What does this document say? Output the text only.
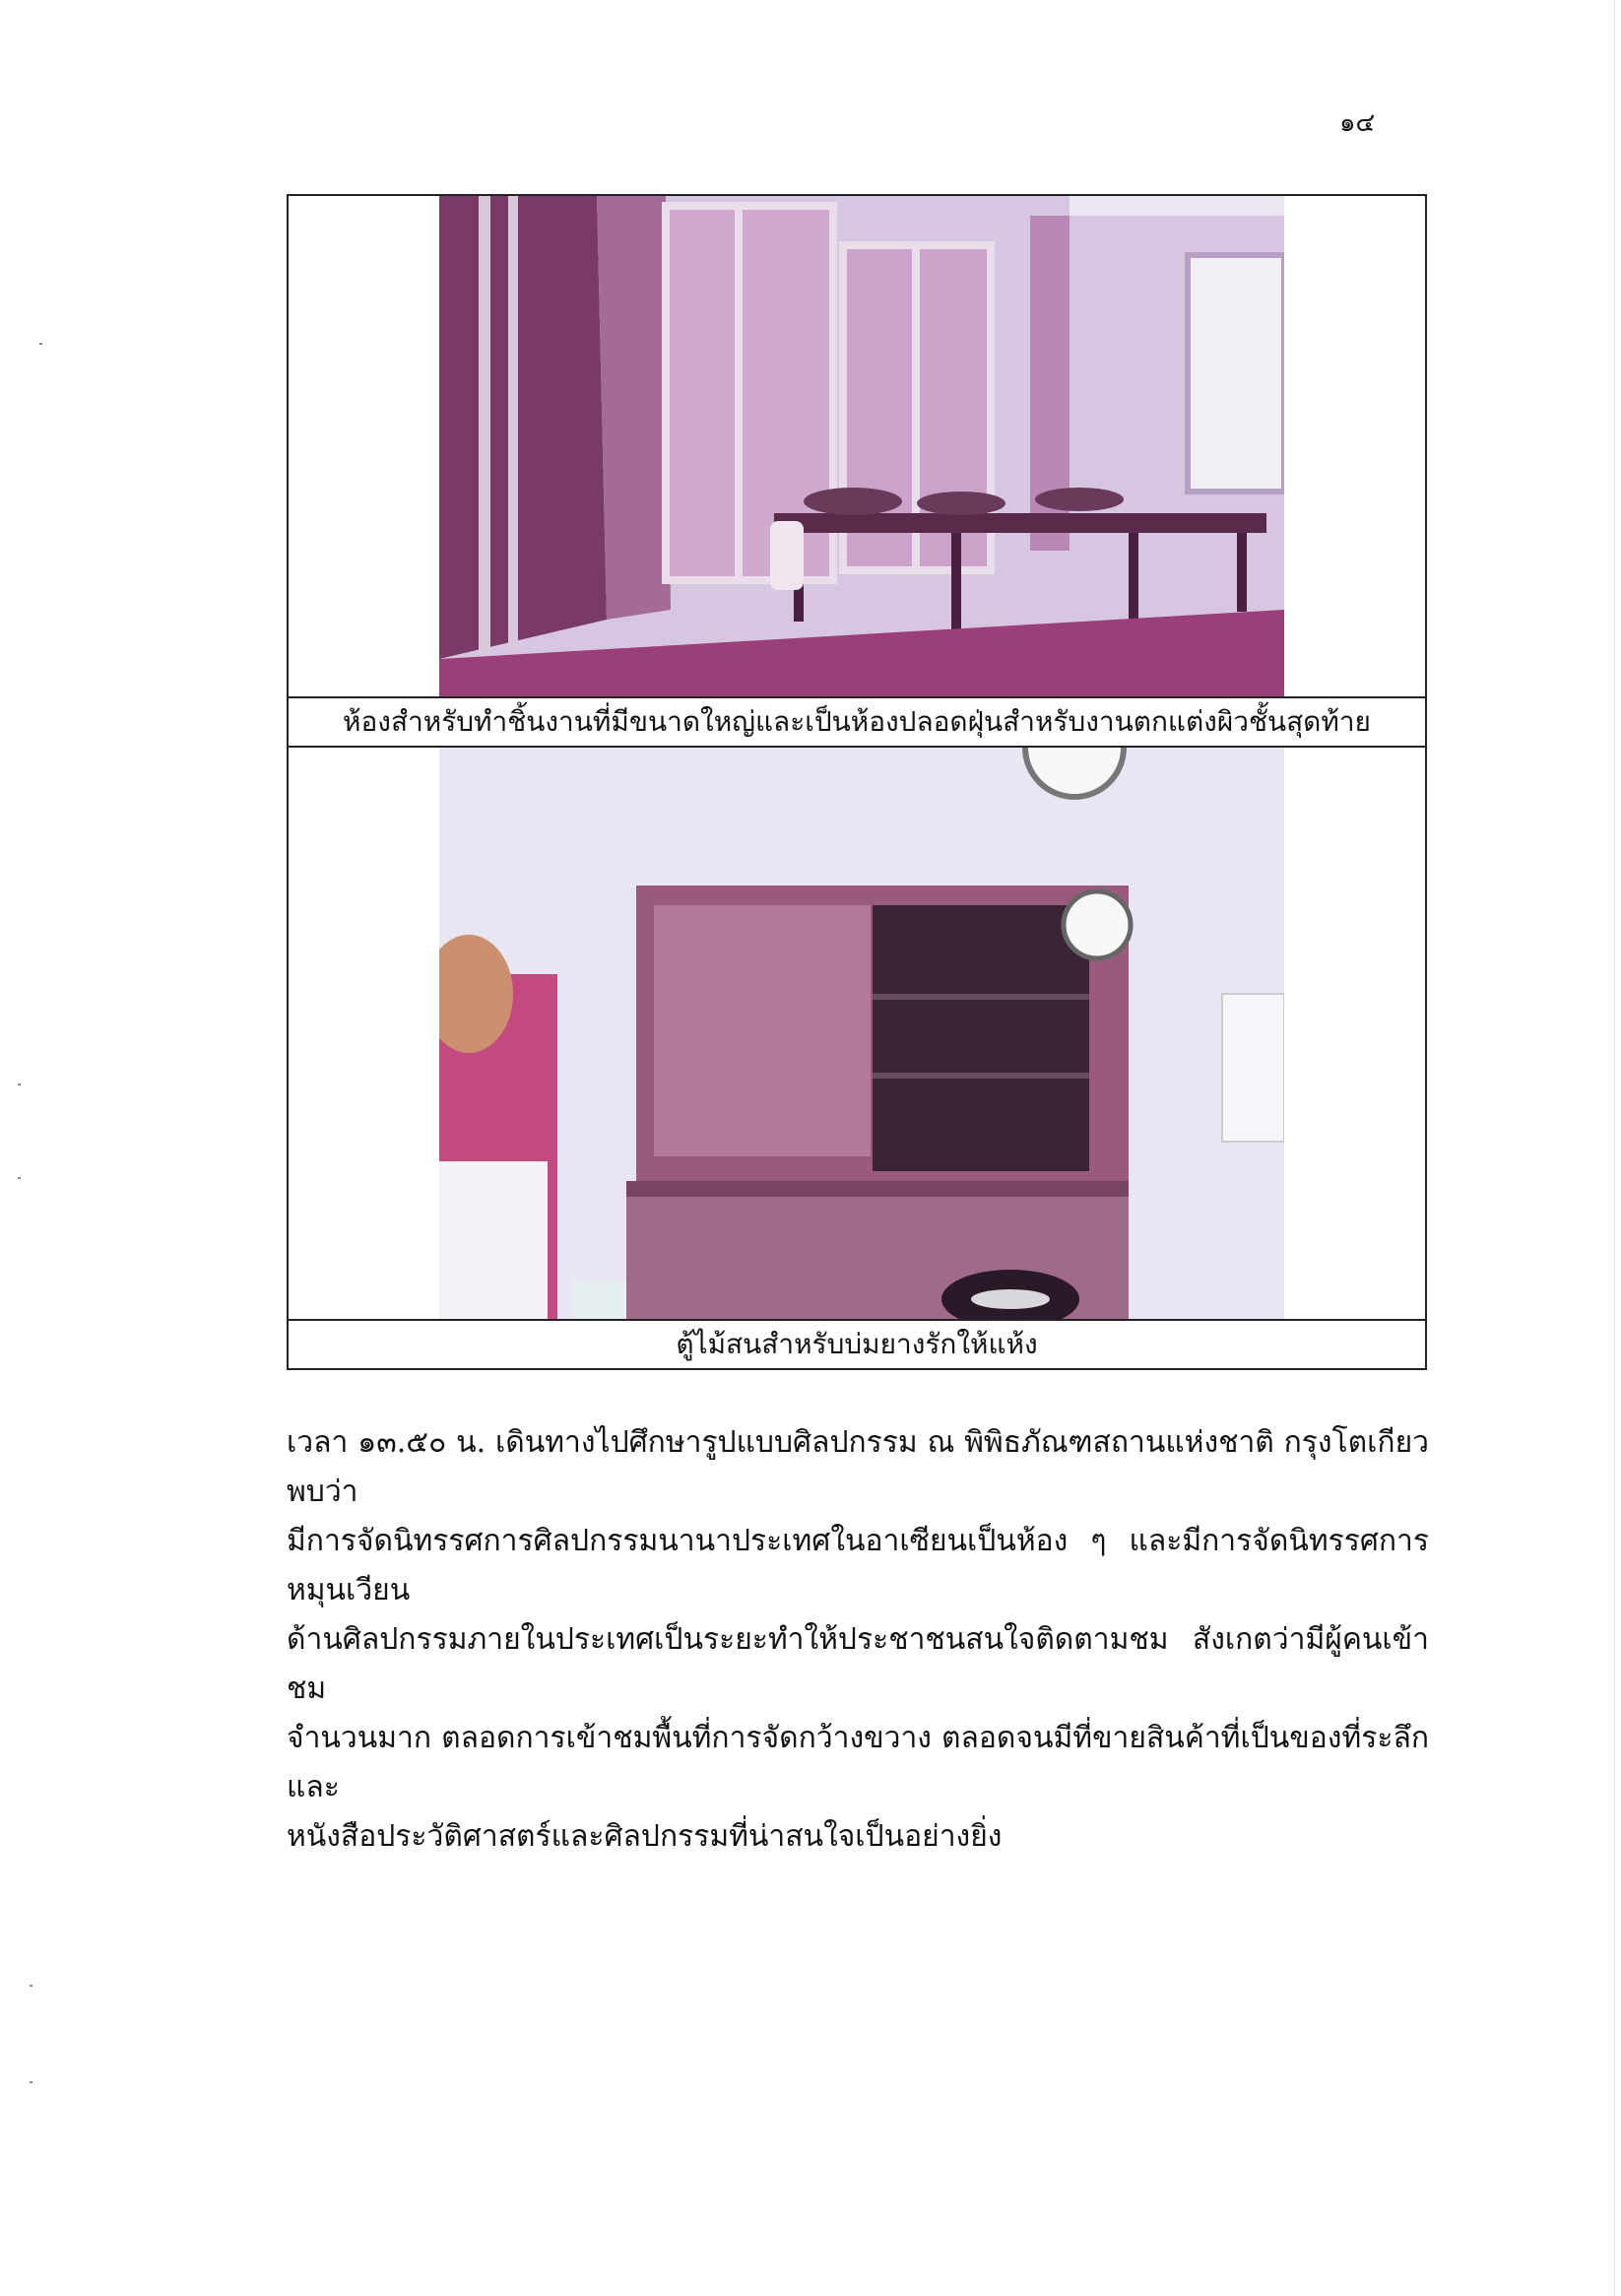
๑๔

ห้องสำหรับทำชิ้นงานที่มีขนาดใหญ่และเป็นห้องปลอดฝุ่นสำหรับงานตกแต่งผิวชั้นสุดท้าย

ตู้ไม้สนสำหรับบ่มยางรักให้แห้ง

เวลา ๑๓.๕๐ น. เดินทางไปศึกษารูปแบบศิลปกรรม ณ พิพิธภัณฑสถานแห่งชาติ กรุงโตเกียว พบว่า

มีการจัดนิทรรศการศิลปกรรมนานาประเทศในอาเซียนเป็นห้อง ๆ และมีการจัดนิทรรศการหมุนเวียน

ด้านศิลปกรรมภายในประเทศเป็นระยะทำให้ประชาชนสนใจติดตามชม สังเกตว่ามีผู้คนเข้าชม

จำนวนมาก ตลอดการเข้าชมพื้นที่การจัดกว้างขวาง ตลอดจนมีที่ขายสินค้าที่เป็นของที่ระลึกและ

หนังสือประวัติศาสตร์และศิลปกรรมที่น่าสนใจเป็นอย่างยิ่ง
